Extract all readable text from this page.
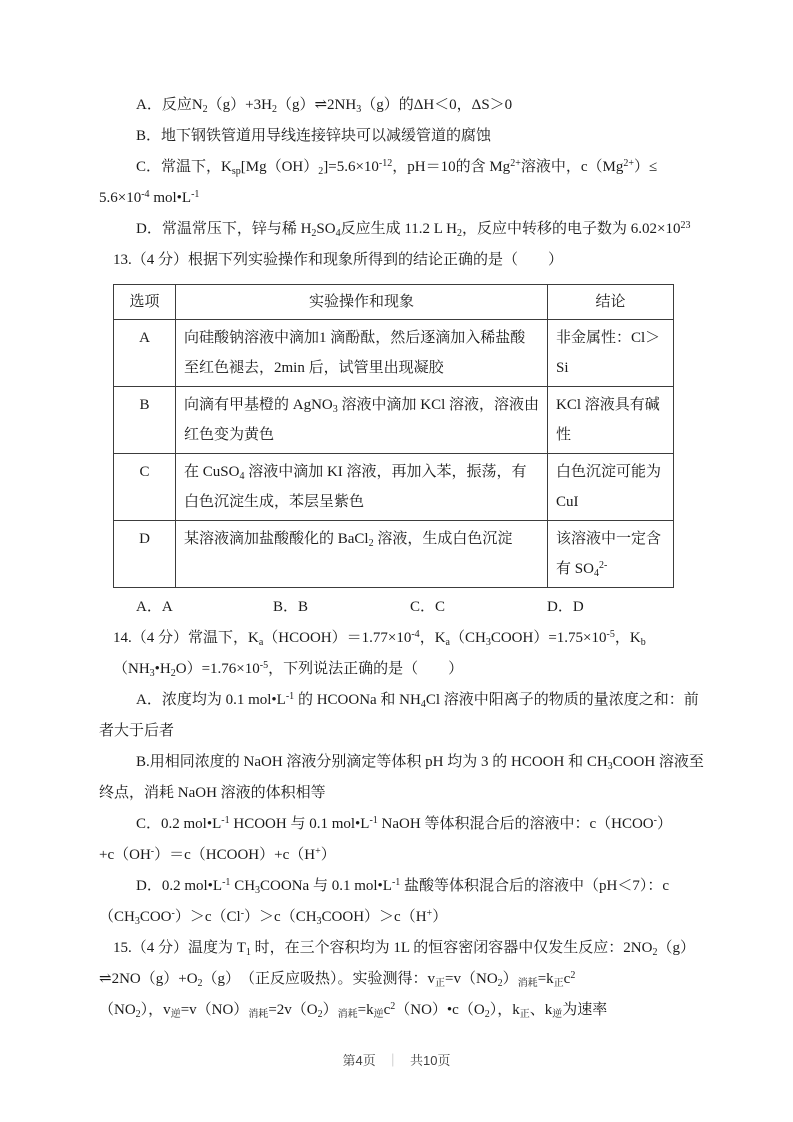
A．反应$N_2(g)+3H_2(g)\rightleftharpoons 2NH_3(g)$的ΔH＜0，ΔS＞0

B．地下钢铁管道用导线连接锌块可以减缓管道的腐蚀

C．常温下，$K_{sp}[Mg(OH)_2]=5.6\times 10^{-12}$，pH＝10的含 $Mg^{2+}$溶液中，$c(Mg^{2+})\le$

$5.6\times 10^{-4}$ $mol•L^{-1}$

D．常温常压下，锌与稀 $H_2SO_4$反应生成 11.2 L $H_2$，反应中转移的电子数为 $6.02\times 10^{23}$

13.（4 分）根据下列实验操作和现象所得到的结论正确的是（　　）

选项	实验操作和现象	结论
A	向硅酸钠溶液中滴加1 滴酚酞，然后逐滴加入稀盐酸至红色褪去，2min 后，试管里出现凝胶	非金属性：Cl＞Si
B	向滴有甲基橙的 AgNO$_3$ 溶液中滴加 KCl 溶液，溶液由红色变为黄色	KCl 溶液具有碱性
C	在 CuSO$_4$ 溶液中滴加 KI 溶液，再加入苯，振荡，有白色沉淀生成，苯层呈紫色	白色沉淀可能为 CuI
D	某溶液滴加盐酸酸化的 BaCl$_2$ 溶液，生成白色沉淀	该溶液中一定含有 $SO_4^{2-}$

A．A	B．B	C．C	D．D

14.（4 分）常温下，$K_a(HCOOH)=1.77\times 10^{-4}$，$K_a(CH_3COOH)=1.75\times 10^{-5}$，$K_b$

$(NH_3•H_2O)=1.76\times 10^{-5}$，下列说法正确的是（　　）

A．浓度均为 0.1 $mol•L^{-1}$ 的 HCOONa 和 $NH_4Cl$ 溶液中阳离子的物质的量浓度之和：前

者大于后者

B.用相同浓度的 NaOH 溶液分别滴定等体积 pH 均为 3 的 HCOOH 和 $CH_3COOH$ 溶液至

终点，消耗 NaOH 溶液的体积相等

C．0.2 $mol•L^{-1}$ HCOOH 与 0.1 $mol•L^{-1}$ NaOH 等体积混合后的溶液中：c（HCOO-）

+c（OH-）＝c（HCOOH）+c（H+）

D．0.2 $mol•L^{-1}$ $CH_3COONa$ 与 0.1 $mol•L^{-1}$ 盐酸等体积混合后的溶液中（pH＜7）：c

$(CH_3COO^-)>c(Cl^-)>c(CH_3COOH)>c(H^+)$

15.（4 分）温度为 $T_1$ 时，在三个容积均为 1L 的恒容密闭容器中仅发生反应：$2NO_2(g)$

$\rightleftharpoons 2NO(g)+O_2(g)$　（正反应吸热）。实验测得：$v_正=v(NO_2)_{消耗}=k_正c^2$

$(NO_2)$，$v_逆=v(NO)_{消耗}=2v(O_2)_{消耗}=k_逆c^2(NO)•c(O_2)$，$k_正$、$k_逆$为速率

第4页 ｜ 共10页
